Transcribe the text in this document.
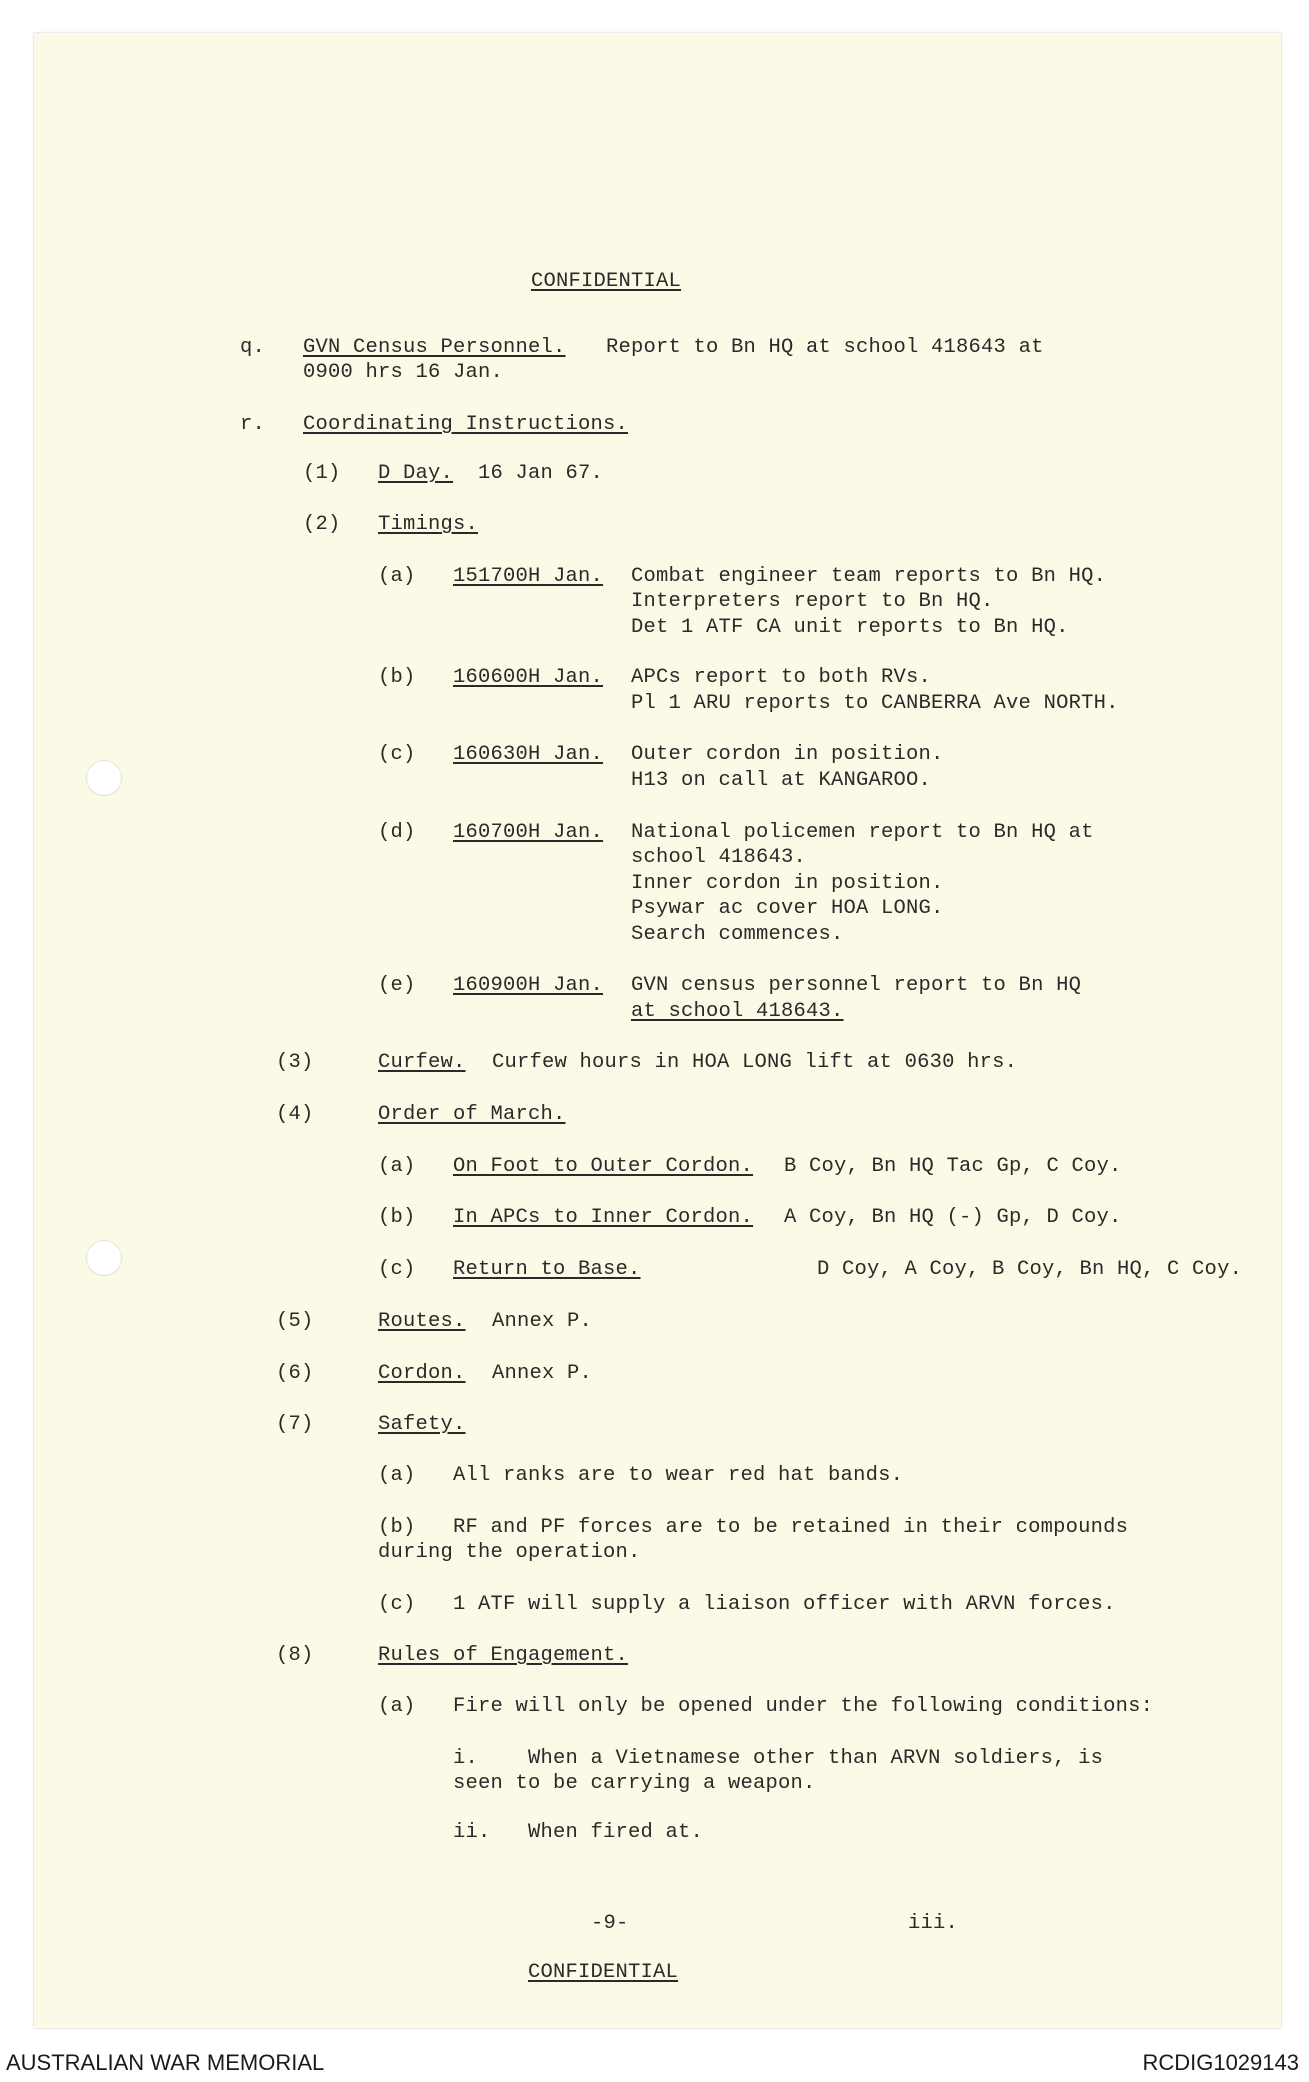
CONFIDENTIAL
q. GVN Census Personnel. Report to Bn HQ at school 418643 at
0900 hrs 16 Jan.
r. Coordinating Instructions.
(1) D Day. 16 Jan 67.
(2) Timings.
(a) 151700H Jan. Combat engineer team reports to Bn HQ.
Interpreters report to Bn HQ.
Det 1 ATF CA unit reports to Bn HQ.
(b) 160600H Jan. APCs report to both RVs.
Pl 1 ARU reports to CANBERRA Ave NORTH.
(c) 160630H Jan. Outer cordon in position.
H13 on call at KANGAROO.
(d) 160700H Jan. National policemen report to Bn HQ at
school 418643.
Inner cordon in position.
Psywar ac cover HOA LONG.
Search commences.
(e) 160900H Jan. GVN census personnel report to Bn HQ
at school 418643.
(3)	Curfew. Curfew hours in HOA LONG lift at 0630 hrs.
(4)	Order of March.
(a) On Foot to Outer Cordon. B Coy, Bn HQ Tac Gp, C Coy.
(b) In APCs to Inner Cordon. A Coy, Bn HQ (-) Gp, D Coy.
(c) Return to Base.	D Coy, A Coy, B Coy, Bn HQ, C Coy.
(5)	Routes. Annex P.
(6)	Cordon. Annex P.
(7)	Safety.
(a) All ranks are to wear red hat bands.
(b) RF and PF forces are to be retained in their compounds
during the operation.
(c) 1 ATF will supply a liaison officer with ARVN forces.
(8)	Rules of Engagement.
(a) Fire will only be opened under the following conditions:
i. When a Vietnamese other than ARVN soldiers, is
seen to be carrying a weapon.
ii. When fired at.
-9-	iii.
CONFIDENTIAL
AUSTRALIAN WAR MEMORIAL	RCDIG1029143
